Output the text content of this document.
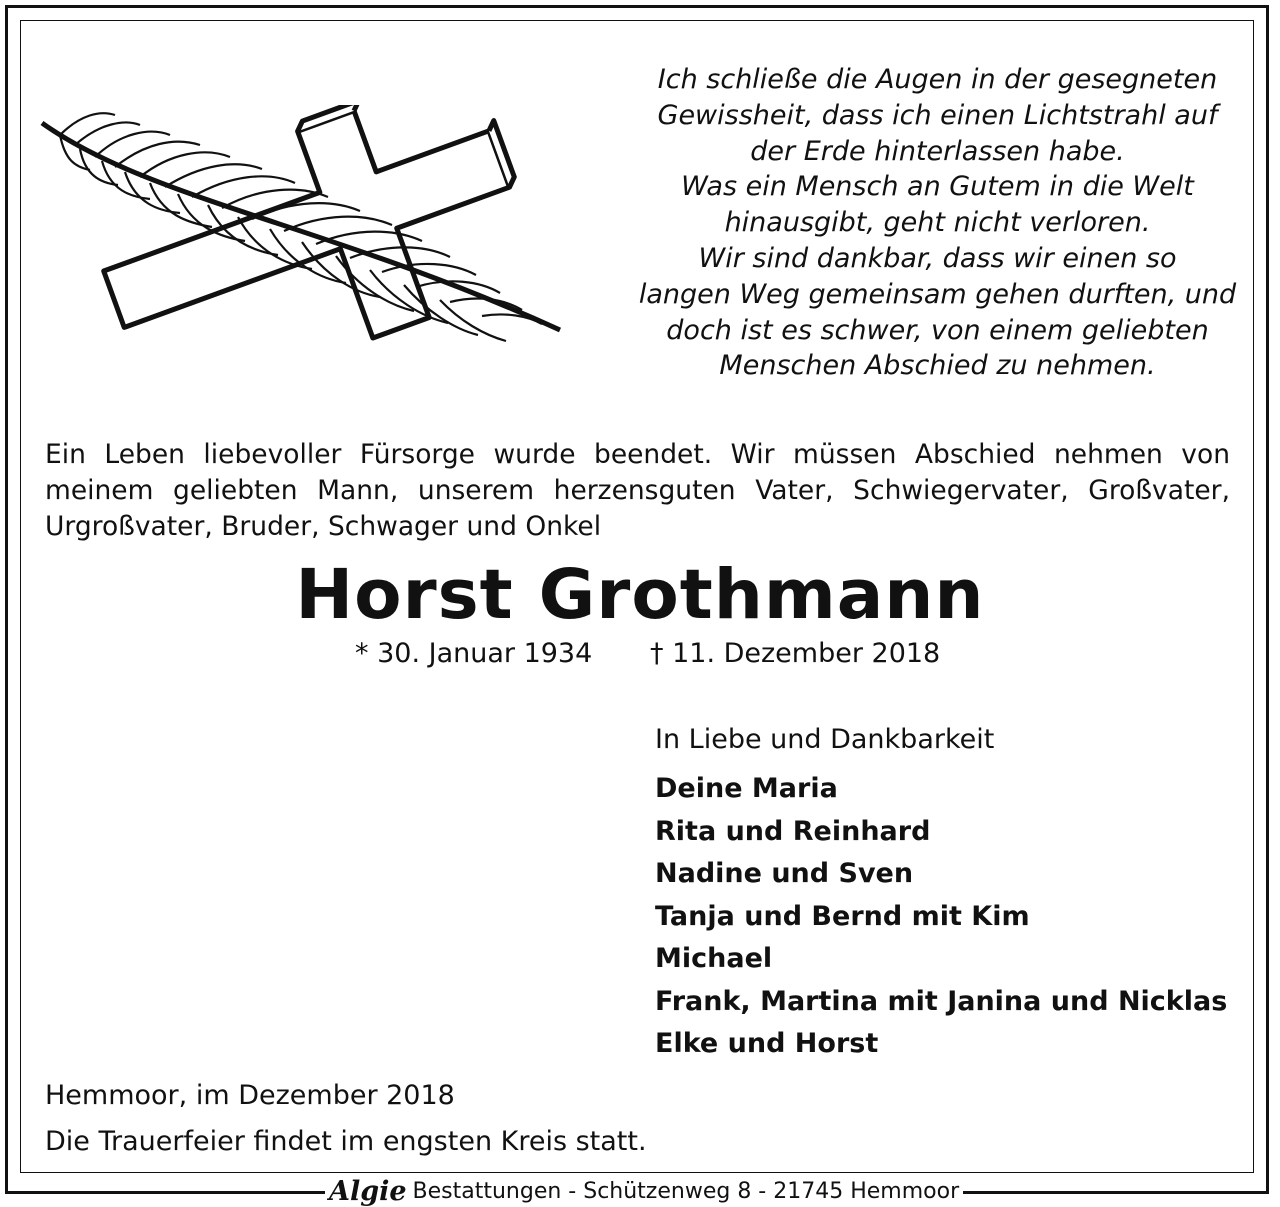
Ich schließe die Augen in der gesegneten
Gewissheit, dass ich einen Lichtstrahl auf
der Erde hinterlassen habe.
Was ein Mensch an Gutem in die Welt
hinausgibt, geht nicht verloren.
Wir sind dankbar, dass wir einen so
langen Weg gemeinsam gehen durften, und
doch ist es schwer, von einem geliebten
Menschen Abschied zu nehmen.
Ein Leben liebevoller Fürsorge wurde beendet. Wir müssen Abschied nehmen von
meinem geliebten Mann, unserem herzensguten Vater, Schwiegervater, Großvater,
Urgroßvater, Bruder, Schwager und Onkel
Horst Grothmann
* 30. Januar 1934 † 11. Dezember 2018
In Liebe und Dankbarkeit
Deine Maria
Rita und Reinhard
Nadine und Sven
Tanja und Bernd mit Kim
Michael
Frank, Martina mit Janina und Nicklas
Elke und Horst
Hemmoor, im Dezember 2018
Die Trauerfeier findet im engsten Kreis statt.
Algie Bestattungen - Schützenweg 8 - 21745 Hemmoor
